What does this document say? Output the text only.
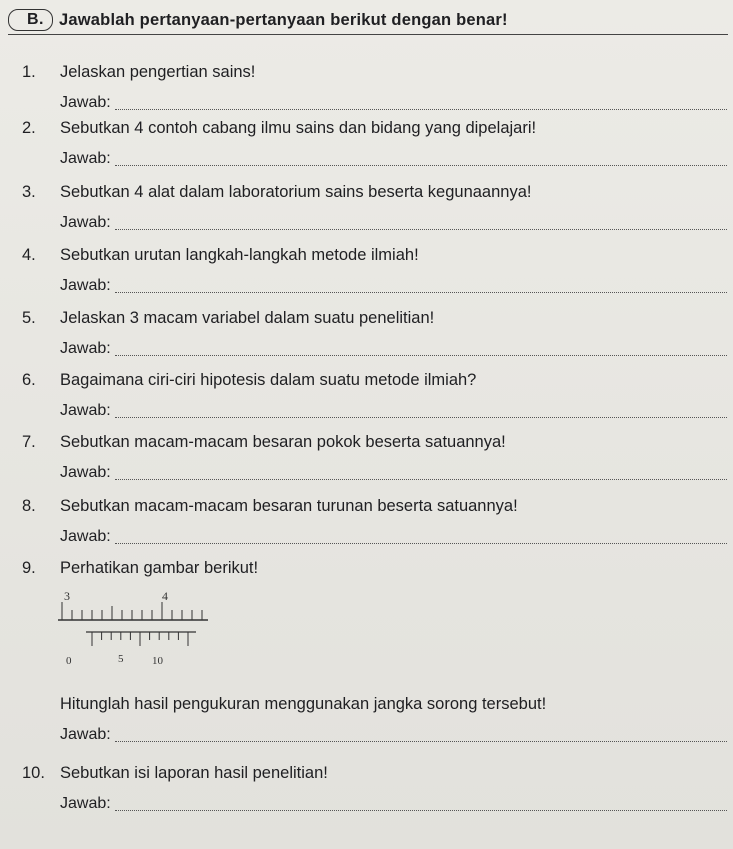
B. Jawablah pertanyaan-pertanyaan berikut dengan benar!
1.	Jelaskan pengertian sains!
Jawab:
2.	Sebutkan 4 contoh cabang ilmu sains dan bidang yang dipelajari!
Jawab:
3.	Sebutkan 4 alat dalam laboratorium sains beserta kegunaannya!
Jawab:
4.	Sebutkan urutan langkah-langkah metode ilmiah!
Jawab:
5.	Jelaskan 3 macam variabel dalam suatu penelitian!
Jawab:
6.	Bagaimana ciri-ciri hipotesis dalam suatu metode ilmiah?
Jawab:
7.	Sebutkan macam-macam besaran pokok beserta satuannya!
Jawab:
8.	Sebutkan macam-macam besaran turunan beserta satuannya!
Jawab:
9.	Perhatikan gambar berikut!
3	4
0	5	10
Hitunglah hasil pengukuran menggunakan jangka sorong tersebut!
Jawab:
10. Sebutkan isi laporan hasil penelitian!
Jawab:
